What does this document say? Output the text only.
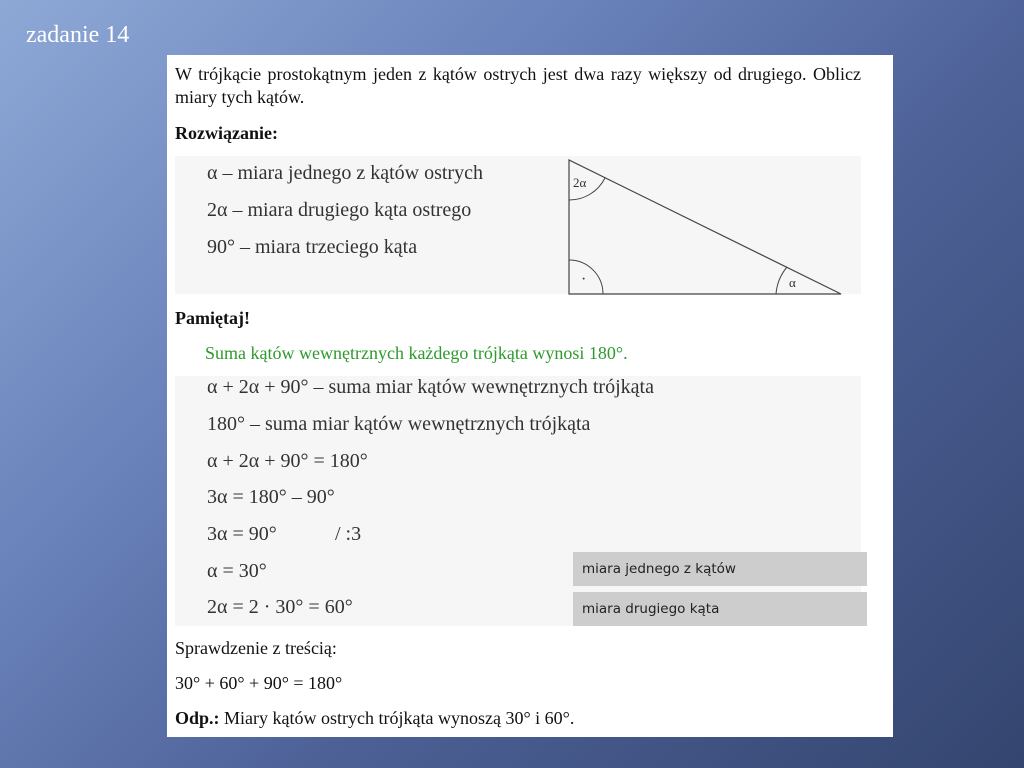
zadanie 14
W trójkącie prostokątnym jeden z kątów ostrych jest dwa razy większy od drugiego. Oblicz miary tych kątów.
Rozwiązanie:
α – miara jednego z kątów ostrych
2α – miara drugiego kąta ostrego
90° – miara trzeciego kąta
2α
·	α
Pamiętaj!
Suma kątów wewnętrznych każdego trójkąta wynosi 180°.
α + 2α + 90° – suma miar kątów wewnętrznych trójkąta
180° – suma miar kątów wewnętrznych trójkąta
α + 2α + 90° = 180°
3α = 180° – 90°
3α = 90°	/ :3
α = 30°
2α = 2 · 30° = 60°
miara jednego z kątów
miara drugiego kąta
Sprawdzenie z treścią:
30° + 60° + 90° = 180°
Odp.: Miary kątów ostrych trójkąta wynoszą 30° i 60°.
